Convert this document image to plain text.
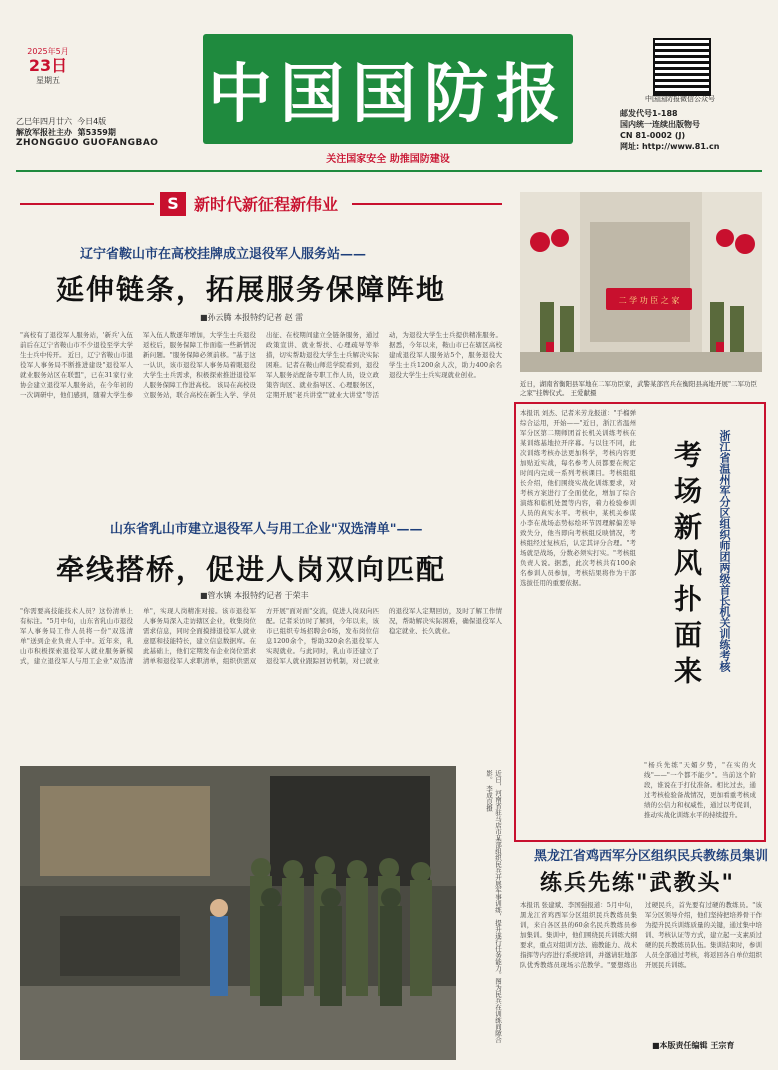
2025年5月
23日
星期五
乙巳年四月廿六 今日4版
解放军报社主办 第5359期
ZHONGGUO GUOFANGBAO
中国国防报	中国国防报微信公众号
邮发代号1-188
国内统一连续出版物号
CN 81-0002 (J)
网址: http://www.81.cn
关注国家安全 助推国防建设
S 新时代新征程新伟业
辽宁省鞍山市在高校挂牌成立退役军人服务站——
延伸链条，拓展服务保障阵地
■孙云腾 本报特约记者 赵 雷
"高校有了退役军人服务站，'新兵'入伍前后在辽宁省鞍山市不少退役至学大学生士兵中传开。 近日，辽宁省鞍山市退役军人事务局不断推进建设"退役军人就业服务站区在联盟"，已在31家行业协会建立退役军人服务站，在今年初的一次调研中，他们感到，随着大学生参军入伍人数逐年增加，大学生士兵退役返校后，服务保障工作面临一些新情况新问题。"服务保障必须前移。"基于这一认识，该市退役军人事务局着眼退役大学生士兵需求，积极探索推进退役军人服务保障工作进高校。 该局在高校设立服务站，联合高校在新生入学、学员出征、在校期间建立全链条服务，通过政策宣讲、就业帮扶、心理疏导等举措，切实帮助退役大学生士兵解决实际困难。记者在鞍山师范学院看到，退役军人服务站配备专职工作人员，设立政策咨询区、就业指导区、心理服务区，定期开展"老兵讲堂""就业大讲堂"等活动，为退役大学生士兵提供精准服务。据悉，今年以来，鞍山市已在辖区高校建成退役军人服务站5个，服务退役大学生士兵1200余人次，助力400余名退役大学生士兵实现就业创业。
山东省乳山市建立退役军人与用工企业"双选清单"——
牵线搭桥，促进人岗双向匹配
■管水镇 本报特约记者 于荣丰
"你需要高技能技术人员？这份清单上有标注。"5月中旬，山东省乳山市退役军人事务局工作人员将一份"双选清单"送到企业负责人手中。近年来，乳山市积极探索退役军人就业服务新模式，建立退役军人与用工企业"双选清单"，实现人岗精准对接。该市退役军人事务局深入走访辖区企业，收集岗位需求信息，同时全面摸排退役军人就业意愿和技能特长，建立信息数据库。在此基础上，他们定期发布企业岗位需求清单和退役军人求职清单，组织供需双方开展"面对面"交流，促进人岗双向匹配。记者采访时了解到，今年以来，该市已组织专场招聘会6场，发布岗位信息1200余个，帮助320余名退役军人实现就业。与此同时，乳山市还建立了退役军人就业跟踪回访机制，对已就业的退役军人定期回访，及时了解工作情况，帮助解决实际困难，确保退役军人稳定就业、长久就业。
近日，河南省驻马店市某部组织民兵开展军事训练，提升遂行任务能力。图为民兵在训练间隙合影。 李成良摄
二 学 功 臣 之 家
近日，湖南省衡阳县军地在二军功臣家，武警某部官兵在衡阳县高地开展"二军功臣之家"挂牌仪式。 王爱献摄
本报讯 刘杰、记者米芳龙报道："手榴弹综合运用，开始——"近日，浙江省温州军分区第二期师团首长机关训练考核在某训练基地拉开序幕。与以往不同，此次训练考核办法更加科学，考核内容更加贴近实战，每名参考人员都要在规定时间内完成一系列考核课目。考核组组长介绍，他们围绕实战化训练要求，对考核方案进行了全面优化，增加了综合演练和临机处置等内容，着力检验参训人员的真实水平。考核中，某机关参谋小李在战场态势标绘环节因理解偏差导致失分，他当即向考核组反映情况，考核组经过复核后，认定其评分合理。"考场就是战场，分数必须实打实。"考核组负责人说。据悉，此次考核共有100余名参训人员参加，考核结果将作为干部选拔任用的重要依据。	浙江省温州军分区组织师团两级首长机关训练考核
考场新风扑面来
"杨兵先练"天媚夕势，"在实的火线"——"一个都不能少"。当前这个阶段，谁说在于打仗准备。相比过去，通过考核检验备战情况，更加看重考核成绩的公信力和权威性，通过以考促训，推动实战化训练水平的持续提升。
黑龙江省鸡西军分区组织民兵教练员集训
练兵先练"武教头"
本报讯 张建斌、李国强报道：5月中旬，黑龙江省鸡西军分区组织民兵教练员集训，来自各区县的60余名民兵教练员参加集训。集训中，他们围绕民兵训练大纲要求，重点对组训方法、施教能力、战术指挥等内容进行系统培训，并邀请驻地部队优秀教练员现场示范教学。"要想练出过硬民兵，首先要有过硬的教练员。"该军分区领导介绍，他们坚持把培养骨干作为提升民兵训练质量的关键，通过集中培训、考核认证等方式，建立起一支素质过硬的民兵教练员队伍。集训结束时，参训人员全部通过考核，将返回各自单位组织开展民兵训练。
■本版责任编辑 王宗育
